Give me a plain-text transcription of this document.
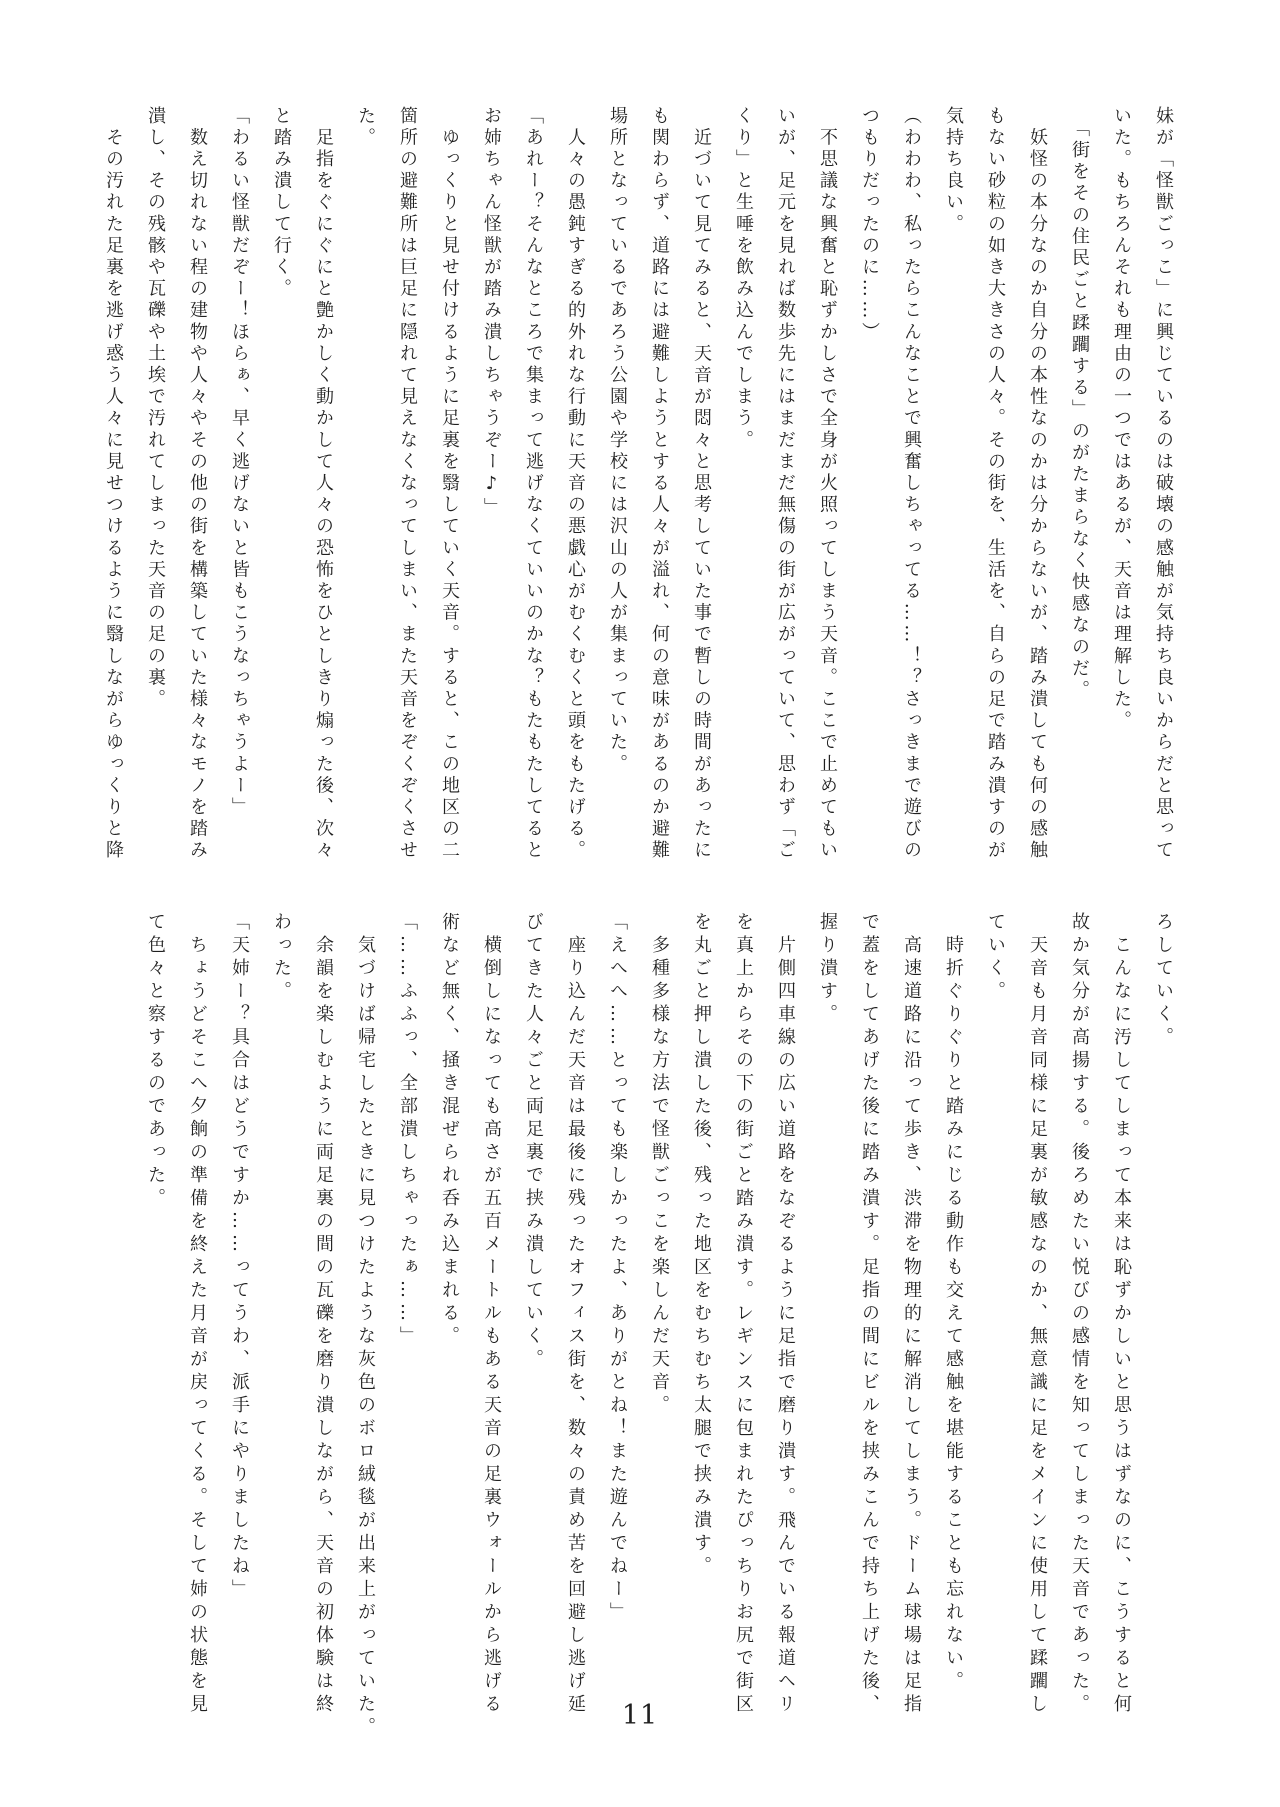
妹が「怪獣ごっこ」に興じているのは破壊の感触が気持ち良いからだと思って
いた。もちろんそれも理由の一つではあるが、天音は理解した。
　「街をその住民ごと蹂躙する」のがたまらなく快感なのだ。
　妖怪の本分なのか自分の本性なのかは分からないが、踏み潰しても何の感触
もない砂粒の如き大きさの人々。その街を、生活を、自らの足で踏み潰すのが
気持ち良い。
（わわわ、私ったらこんなことで興奮しちゃってる……！？さっきまで遊びの
つもりだったのに……）
　不思議な興奮と恥ずかしさで全身が火照ってしまう天音。ここで止めてもい
いが、足元を見れば数歩先にはまだまだ無傷の街が広がっていて、思わず「ご
くり」と生唾を飲み込んでしまう。
　近づいて見てみると、天音が悶々と思考していた事で暫しの時間があったに
も関わらず、道路には避難しようとする人々が溢れ、何の意味があるのか避難
場所となっているであろう公園や学校には沢山の人が集まっていた。
　人々の愚鈍すぎる的外れな行動に天音の悪戯心がむくむくと頭をもたげる。
「あれー？そんなところで集まって逃げなくていいのかな？もたもたしてると
お姉ちゃん怪獣が踏み潰しちゃうぞー♪」
　ゆっくりと見せ付けるように足裏を翳していく天音。すると、この地区の二
箇所の避難所は巨足に隠れて見えなくなってしまい、また天音をぞくぞくさせ
た。
　足指をぐにぐにと艶かしく動かして人々の恐怖をひとしきり煽った後、次々
と踏み潰して行く。
「わるい怪獣だぞー！ほらぁ、早く逃げないと皆もこうなっちゃうよー」
　数え切れない程の建物や人々やその他の街を構築していた様々なモノを踏み
潰し、その残骸や瓦礫や土埃で汚れてしまった天音の足の裏。
　その汚れた足裏を逃げ惑う人々に見せつけるように翳しながらゆっくりと降
ろしていく。
　こんなに汚してしまって本来は恥ずかしいと思うはずなのに、こうすると何
故か気分が高揚する。後ろめたい悦びの感情を知ってしまった天音であった。
　天音も月音同様に足裏が敏感なのか、無意識に足をメインに使用して蹂躙し
ていく。
　時折ぐりぐりと踏みにじる動作も交えて感触を堪能することも忘れない。
　高速道路に沿って歩き、渋滞を物理的に解消してしまう。ドーム球場は足指
で蓋をしてあげた後に踏み潰す。足指の間にビルを挟みこんで持ち上げた後、
握り潰す。
　片側四車線の広い道路をなぞるように足指で磨り潰す。飛んでいる報道ヘリ
を真上からその下の街ごと踏み潰す。レギンスに包まれたぴっちりお尻で街区
を丸ごと押し潰した後、残った地区をむちむち太腿で挟み潰す。
　多種多様な方法で怪獣ごっこを楽しんだ天音。
「えへへ……とっても楽しかったよ、ありがとね！また遊んでねー」
　座り込んだ天音は最後に残ったオフィス街を、数々の責め苦を回避し逃げ延
びてきた人々ごと両足裏で挟み潰していく。
　横倒しになっても高さが五百メートルもある天音の足裏ウォールから逃げる
術など無く、掻き混ぜられ呑み込まれる。
「……ふふっ、全部潰しちゃったぁ……」
　気づけば帰宅したときに見つけたような灰色のボロ絨毯が出来上がっていた。
　余韻を楽しむように両足裏の間の瓦礫を磨り潰しながら、天音の初体験は終
わった。
「天姉ー？具合はどうですか……ってうわ、派手にやりましたね」
　ちょうどそこへ夕餉の準備を終えた月音が戻ってくる。そして姉の状態を見
て色々と察するのであった。
11
